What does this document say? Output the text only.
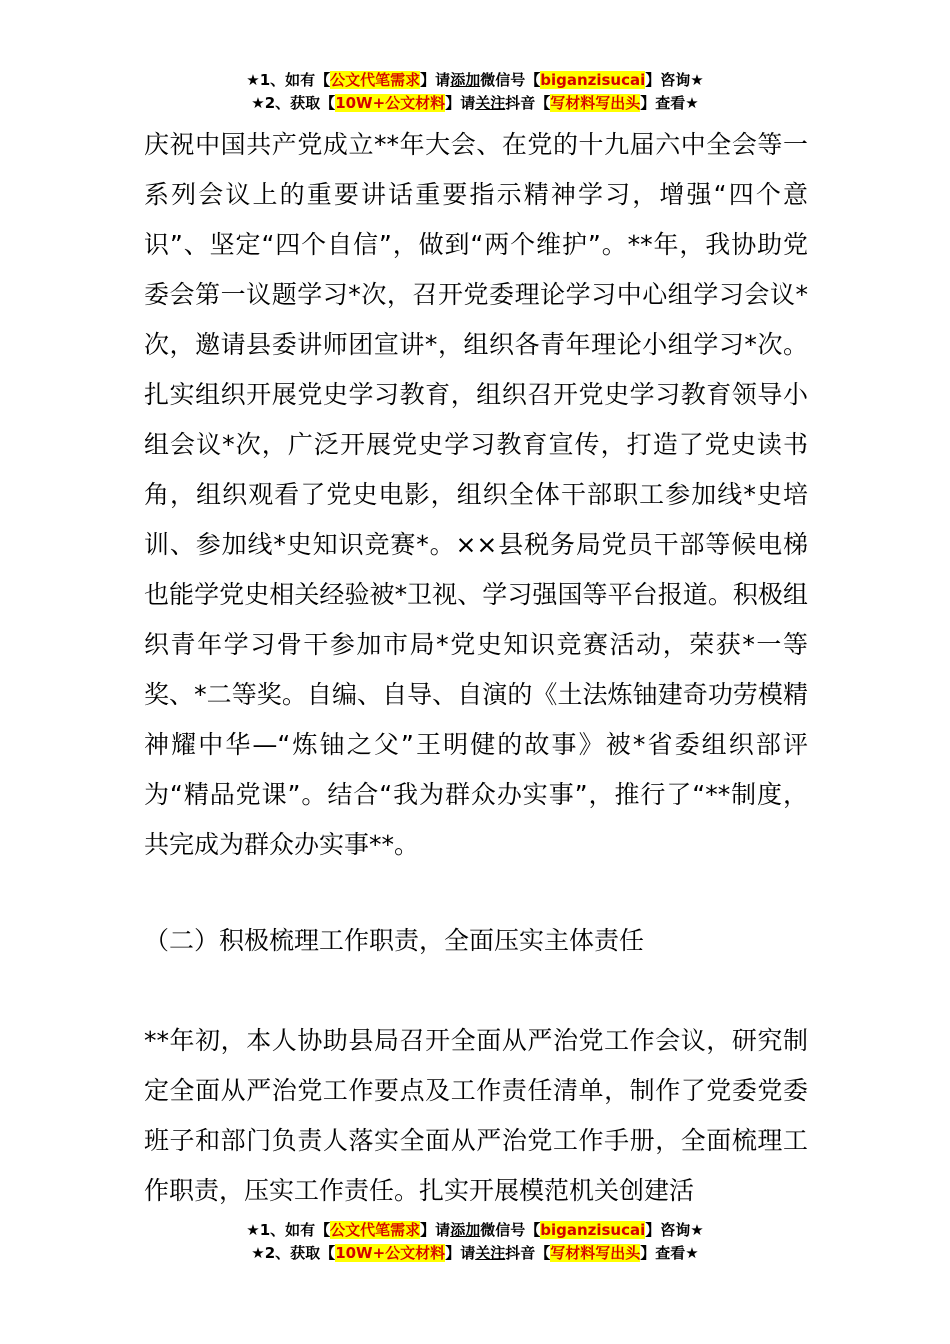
★1、如有【公文代笔需求】请添加微信号【biganzisucai】咨询★
★2、获取【10W+公文材料】请关注抖音【写材料写出头】查看★

庆祝中国共产党成立**年大会、在党的十九届六中全会等一系列会议上的重要讲话重要指示精神学习，增强“四个意识”、坚定“四个自信”，做到“两个维护”。**年，我协助党委会第一议题学习*次，召开党委理论学习中心组学习会议*次，邀请县委讲师团宣讲*，组织各青年理论小组学习*次。扎实组织开展党史学习教育，组织召开党史学习教育领导小组会议*次，广泛开展党史学习教育宣传，打造了党史读书角，组织观看了党史电影，组织全体干部职工参加线*史培训、参加线*史知识竞赛*。××县税务局党员干部等候电梯也能学党史相关经验被*卫视、学习强国等平台报道。积极组织青年学习骨干参加市局*党史知识竞赛活动，荣获*一等奖、*二等奖。自编、自导、自演的《土法炼铀建奇功劳模精神耀中华—“炼铀之父”王明健的故事》被*省委组织部评为“精品党课”。结合“我为群众办实事”，推行了“**制度，共完成为群众办实事**。

（二）积极梳理工作职责，全面压实主体责任

**年初，本人协助县局召开全面从严治党工作会议，研究制定全面从严治党工作要点及工作责任清单，制作了党委党委班子和部门负责人落实全面从严治党工作手册，全面梳理工作职责，压实工作责任。扎实开展模范机关创建活

★1、如有【公文代笔需求】请添加微信号【biganzisucai】咨询★
★2、获取【10W+公文材料】请关注抖音【写材料写出头】查看★
